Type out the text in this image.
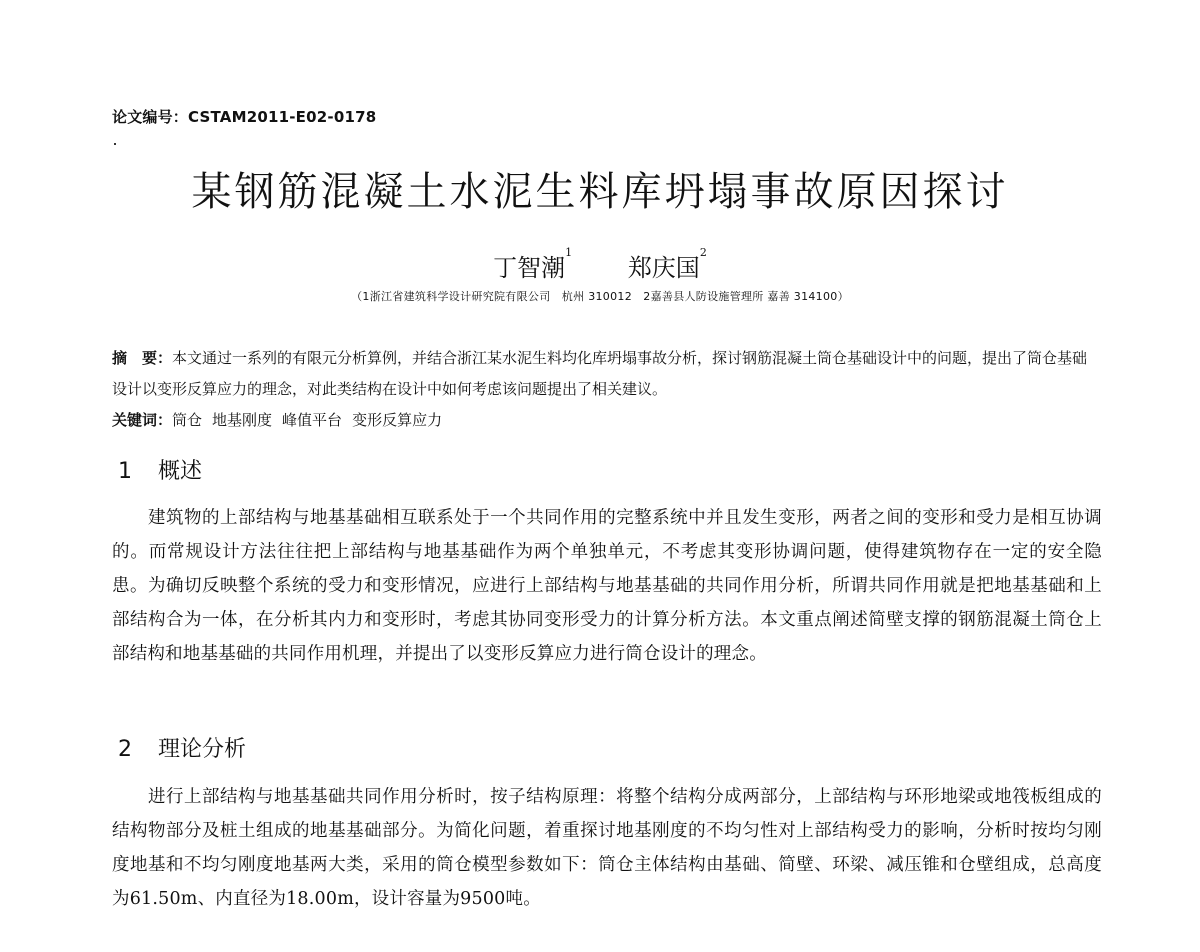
论文编号：CSTAM2011-E02-0178
某钢筋混凝土水泥生料库坍塌事故原因探讨
丁智潮$^1$ 郑庆国$^2$
（1浙江省建筑科学设计研究院有限公司　杭州 310012　2嘉善县人防设施管理所 嘉善 314100）
摘　要：本文通过一系列的有限元分析算例，并结合浙江某水泥生料均化库坍塌事故分析，探讨钢筋混凝土筒仓基础设计中的问题，提出了筒仓基础设计以变形反算应力的理念，对此类结构在设计中如何考虑该问题提出了相关建议。
关键词：筒仓 地基刚度 峰值平台 变形反算应力
1 概述

建筑物的上部结构与地基基础相互联系处于一个共同作用的完整系统中并且发生变形，两者之间的变形和受力是相互协调的。而常规设计方法往往把上部结构与地基基础作为两个单独单元，不考虑其变形协调问题，使得建筑物存在一定的安全隐患。为确切反映整个系统的受力和变形情况，应进行上部结构与地基基础的共同作用分析，所谓共同作用就是把地基基础和上部结构合为一体，在分析其内力和变形时，考虑其协同变形受力的计算分析方法。本文重点阐述简壁支撑的钢筋混凝土筒仓上部结构和地基基础的共同作用机理，并提出了以变形反算应力进行筒仓设计的理念。

2 理论分析

进行上部结构与地基基础共同作用分析时，按子结构原理：将整个结构分成两部分，上部结构与环形地梁或地筏板组成的结构物部分及桩土组成的地基基础部分。为简化问题，着重探讨地基刚度的不均匀性对上部结构受力的影响，分析时按均匀刚度地基和不均匀刚度地基两大类，采用的筒仓模型参数如下：筒仓主体结构由基础、简壁、环梁、减压锥和仓壁组成，总高度为61.50m、内直径为18.00m，设计容量为9500吨。
